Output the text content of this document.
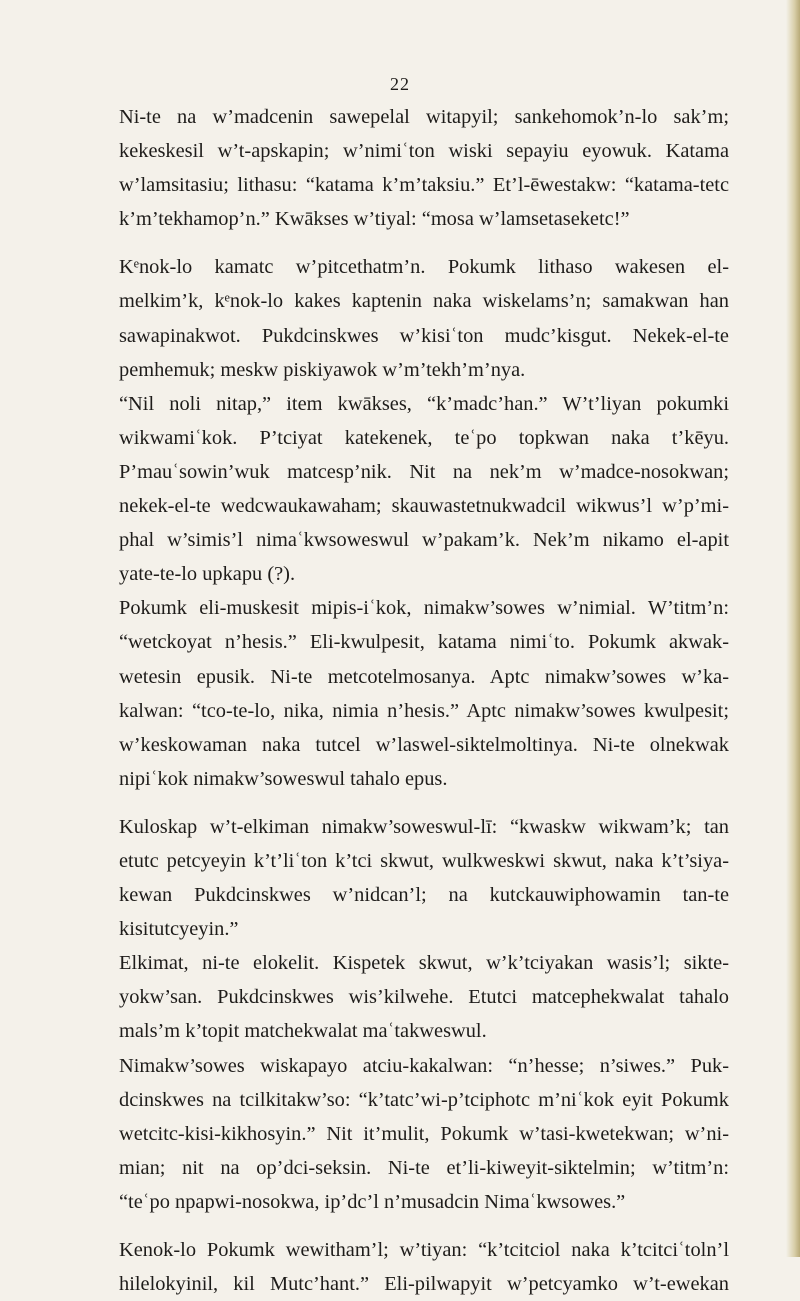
22
Ni-te na w’madcenin sawepelal witapyil; sankehomok’n-lo sak’m;
kekeskesil w’t-apskapin; w’nimiʿton wiski sepayiu eyowuk. Katama
w’lamsitasiu; lithasu: “katama k’m’taksiu.” Et’l-ēwestakw: “katama-tetc
k’m’tekhamop’n.” Kwākses w’tiyal: “mosa w’lamsetaseketc!”
Kᵉnok-lo kamatc w’pitcethatm’n. Pokumk lithaso wakesen el-
melkim’k, kᵉnok-lo kakes kaptenin naka wiskelams’n; samakwan han
sawapinakwot. Pukdcinskwes w’kisiʿton mudc’kisgut. Nekek-el-te
pemhemuk; meskw piskiyawok w’m’tekh’m’nya.
“Nil noli nitap,” item kwākses, “k’madc’han.” W’t’liyan pokumki
wikwamiʿkok. P’tciyat katekenek, teʿpo topkwan naka t’kēyu.
P’mauʿsowin’wuk matcesp’nik. Nit na nek’m w’madce-nosokwan;
nekek-el-te wedcwaukawaham; skauwastetnukwadcil wikwus’l w’p’mi-
phal w’simis’l nimaʿkwsoweswul w’pakam’k. Nek’m nikamo el-apit
yate-te-lo upkapu (?).
Pokumk eli-muskesit mipis-iʿkok, nimakw’sowes w’nimial. W’titm’n:
“wetckoyat n’hesis.” Eli-kwulpesit, katama nimiʿto. Pokumk akwak-
wetesin epusik. Ni-te metcotelmosanya. Aptc nimakw’sowes w’ka-
kalwan: “tco-te-lo, nika, nimia n’hesis.” Aptc nimakw’sowes kwulpesit;
w’keskowaman naka tutcel w’laswel-siktelmoltinya. Ni-te olnekwak
nipiʿkok nimakw’soweswul tahalo epus.
Kuloskap w’t-elkiman nimakw’soweswul-lī: “kwaskw wikwam’k; tan
etutc petcyeyin k’t’liʿton k’tci skwut, wulkweskwi skwut, naka k’t’siya-
kewan Pukdcinskwes w’nidcan’l; na kutckauwiphowamin tan-te
kisitutcyeyin.”
Elkimat, ni-te elokelit. Kispetek skwut, w’k’tciyakan wasis’l; sikte-
yokw’san. Pukdcinskwes wis’kilwehe. Etutci matcephekwalat tahalo
mals’m k’topit matchekwalat maʿtakweswul.
Nimakw’sowes wiskapayo atciu-kakalwan: “n’hesse; n’siwes.” Puk-
dcinskwes na tcilkitakw’so: “k’tatc’wi-p’tciphotc m’niʿkok eyit Pokumk
wetcitc-kisi-kikhosyin.” Nit it’mulit, Pokumk w’tasi-kwetekwan; w’ni-
mian; nit na op’dci-seksin. Ni-te et’li-kiweyit-siktelmin; w’titm’n:
“teʿpo npapwi-nosokwa, ip’dc’l n’musadcin Nimaʿkwsowes.”
Kenok-lo Pokumk wewitham’l; w’tiyan: “k’tcitciol naka k’tcitciʿtoln’l
hilelokyinil, kil Mutc’hant.” Eli-pilwapyit w’petcyamko w’t-ewekan
